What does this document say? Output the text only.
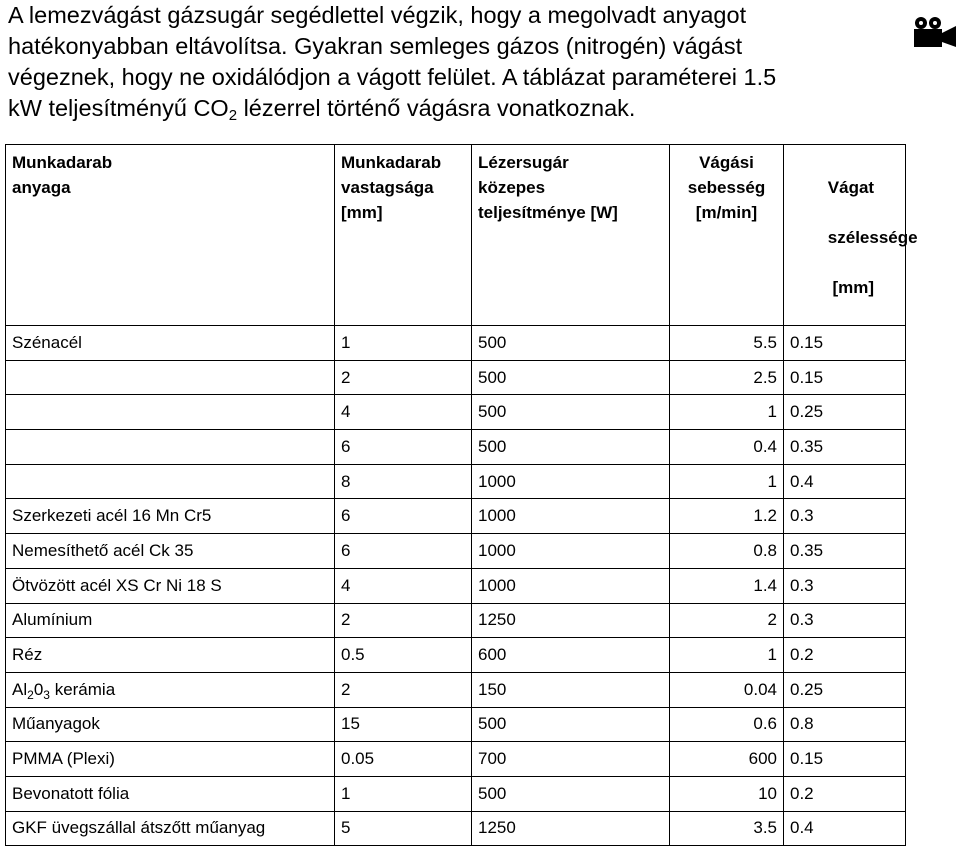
A lemezvágást gázsugár segédlettel végzik, hogy a megolvadt anyagot
hatékonyabban eltávolítsa. Gyakran semleges gázos (nitrogén) vágást
végeznek, hogy ne oxidálódjon a vágott felület. A táblázat paraméterei 1.5
kW teljesítményű $CO_2$ lézerrel történő vágásra vonatkoznak.

Munkadarab
anyaga	Munkadarab
vastagsága
[mm]	Lézersugár
közepes
teljesítménye [W]	Vágási
sebesség
[m/min]	Vágat

szélessége

[mm]

Szénacél	1	500	5.5	0.15
	2	500	2.5	0.15
	4	500	1	0.25
	6	500	0.4	0.35
	8	1000	1	0.4
Szerkezeti acél 16 Mn Cr5	6	1000	1.2	0.3
Nemesíthető acél Ck 35	6	1000	0.8	0.35
Ötvözött acél XS Cr Ni 18 S	4	1000	1.4	0.3
Alumínium	2	1250	2	0.3
Réz	0.5	600	1	0.2
$Al_20_3$ kerámia	2	150	0.04	0.25
Műanyagok	15	500	0.6	0.8
PMMA (Plexi)	0.05	700	600	0.15
Bevonatott fólia	1	500	10	0.2
GKF üvegszállal átszőtt műanyag	5	1250	3.5	0.4
